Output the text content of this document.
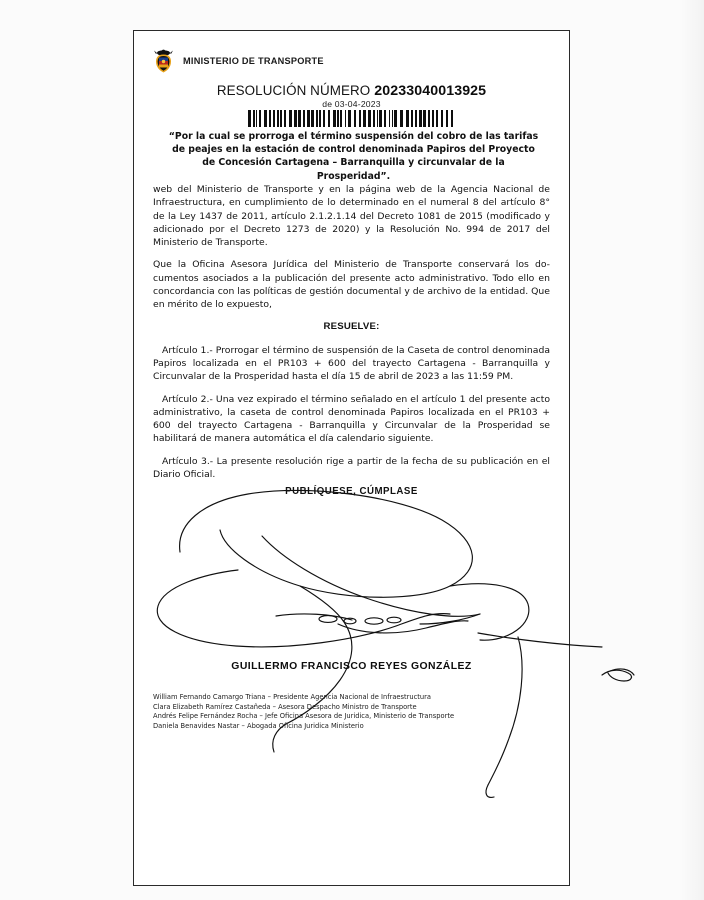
MINISTERIO DE TRANSPORTE
RESOLUCIÓN NÚMERO 20233040013925
de 03-04-2023
“Por la cual se prorroga el término suspensión del cobro de las tarifas de peajes en la estación de control denominada Papiros del Proyecto de Concesión Cartagena – Barranquilla y circunvalar de la Prosperidad”.

web del Ministerio de Transporte y en la página web de la Agencia Nacional de Infraestructura, en cumplimiento de lo determinado en el numeral 8 del artículo 8° de la Ley 1437 de 2011, artículo 2.1.2.1.14 del Decreto 1081 de 2015 (modificado y adicionado por el Decreto 1273 de 2020) y la Resolución No. 994 de 2017 del Ministerio de Transporte.

Que la Oficina Asesora Jurídica del Ministerio de Transporte conservará los do-cumentos asociados a la publicación del presente acto administrativo. Todo ello en concordancia con las políticas de gestión documental y de archivo de la entidad. Que en mérito de lo expuesto,

RESUELVE:

Artículo 1.- Prorrogar el término de suspensión de la Caseta de control denominada Papiros localizada en el PR103 + 600 del trayecto Cartagena - Barranquilla y Circunvalar de la Prosperidad hasta el día 15 de abril de 2023 a las 11:59 PM.

Artículo 2.- Una vez expirado el término señalado en el artículo 1 del presente acto administrativo, la caseta de control denominada Papiros localizada en el PR103 + 600 del trayecto Cartagena - Barranquilla y Circunvalar de la Prosperidad se habilitará de manera automática el día calendario siguiente.

Artículo 3.- La presente resolución rige a partir de la fecha de su publicación en el Diario Oficial.

PUBLÍQUESE, CÚMPLASE
GUILLERMO FRANCISCO REYES GONZÁLEZ
William Fernando Camargo Triana – Presidente Agencia Nacional de Infraestructura
Clara Elizabeth Ramírez Castañeda – Asesora Despacho Ministro de Transporte
Andrés Felipe Fernández Rocha – Jefe Oficina Asesora de Juridica, Ministerio de Transporte
Daniela Benavides Nastar – Abogada Oficina Juridica Ministerio
